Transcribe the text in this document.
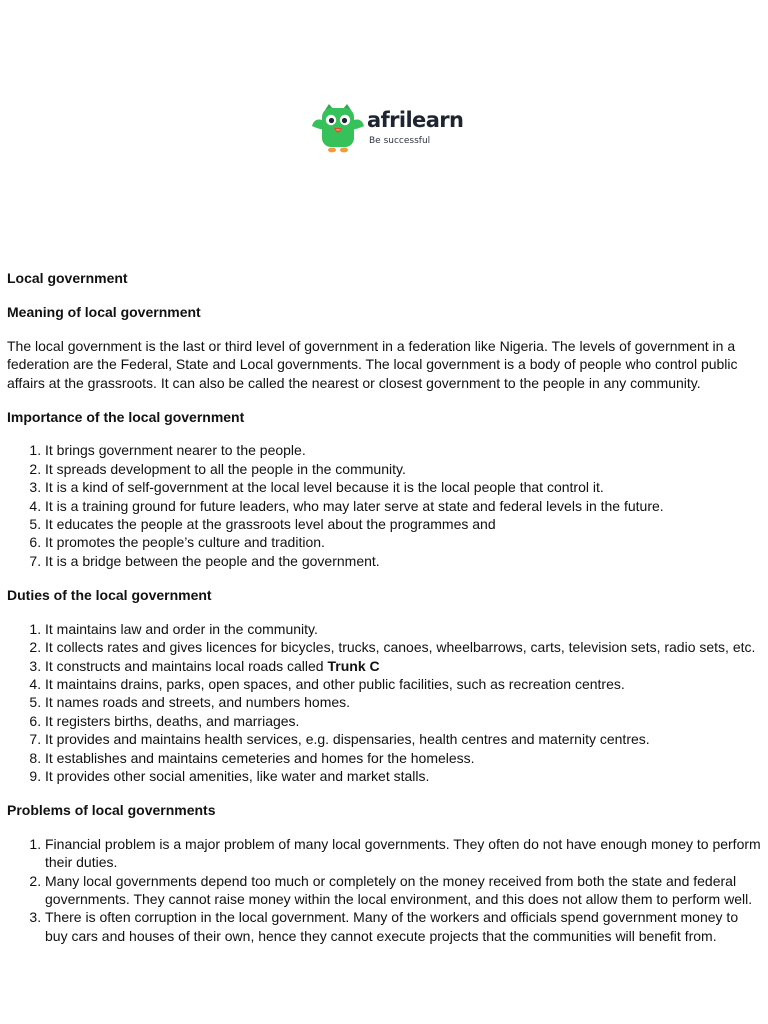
afrilearn
Be successful

Local government

Meaning of local government

The local government is the last or third level of government in a federation like Nigeria. The levels of government in a federation are the Federal, State and Local governments. The local government is a body of people who control public affairs at the grassroots. It can also be called the nearest or closest government to the people in any community.

Importance of the local government

1. It brings government nearer to the people.
2. It spreads development to all the people in the community.
3. It is a kind of self-government at the local level because it is the local people that control it.
4. It is a training ground for future leaders, who may later serve at state and federal levels in the future.
5. It educates the people at the grassroots level about the programmes and
6. It promotes the people’s culture and tradition.
7. It is a bridge between the people and the government.

Duties of the local government

1. It maintains law and order in the community.
2. It collects rates and gives licences for bicycles, trucks, canoes, wheelbarrows, carts, television sets, radio sets, etc.
3. It constructs and maintains local roads called Trunk C
4. It maintains drains, parks, open spaces, and other public facilities, such as recreation centres.
5. It names roads and streets, and numbers homes.
6. It registers births, deaths, and marriages.
7. It provides and maintains health services, e.g. dispensaries, health centres and maternity centres.
8. It establishes and maintains cemeteries and homes for the homeless.
9. It provides other social amenities, like water and market stalls.

Problems of local governments

1. Financial problem is a major problem of many local governments. They often do not have enough money to perform their duties.
2. Many local governments depend too much or completely on the money received from both the state and federal governments. They cannot raise money within the local environment, and this does not allow them to perform well.
3. There is often corruption in the local government. Many of the workers and officials spend government money to buy cars and houses of their own, hence they cannot execute projects that the communities will benefit from.
